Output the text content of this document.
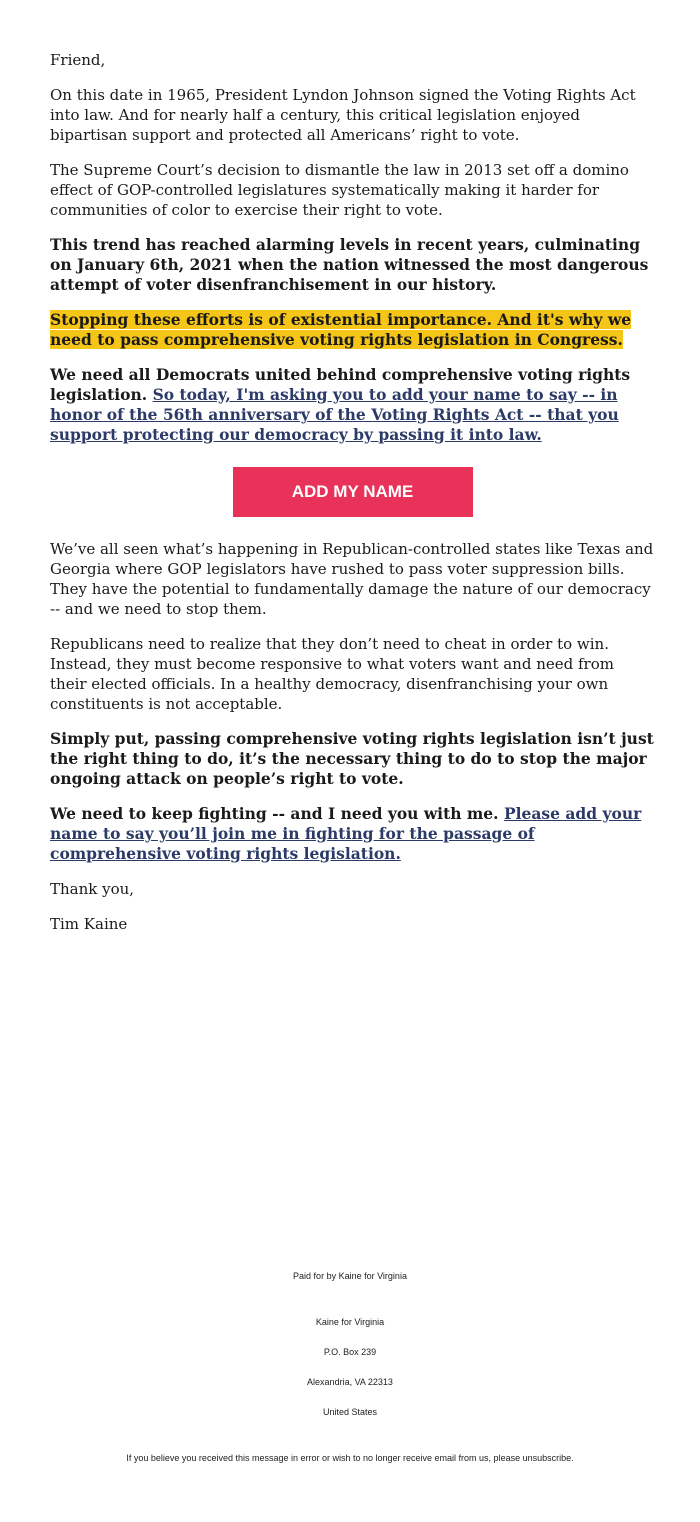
Friend,

On this date in 1965, President Lyndon Johnson signed the Voting Rights Act into law. And for nearly half a century, this critical legislation enjoyed bipartisan support and protected all Americans’ right to vote.

The Supreme Court’s decision to dismantle the law in 2013 set off a domino effect of GOP-controlled legislatures systematically making it harder for communities of color to exercise their right to vote.

This trend has reached alarming levels in recent years, culminating on January 6th, 2021 when the nation witnessed the most dangerous attempt of voter disenfranchisement in our history.

Stopping these efforts is of existential importance. And it's why we need to pass comprehensive voting rights legislation in Congress.

We need all Democrats united behind comprehensive voting rights legislation. So today, I'm asking you to add your name to say -- in honor of the 56th anniversary of the Voting Rights Act -- that you support protecting our democracy by passing it into law.

ADD MY NAME

We’ve all seen what’s happening in Republican-controlled states like Texas and Georgia where GOP legislators have rushed to pass voter suppression bills. They have the potential to fundamentally damage the nature of our democracy -- and we need to stop them.

Republicans need to realize that they don’t need to cheat in order to win. Instead, they must become responsive to what voters want and need from their elected officials. In a healthy democracy, disenfranchising your own constituents is not acceptable.

Simply put, passing comprehensive voting rights legislation isn’t just the right thing to do, it’s the necessary thing to do to stop the major ongoing attack on people’s right to vote.

We need to keep fighting -- and I need you with me. Please add your name to say you’ll join me in fighting for the passage of comprehensive voting rights legislation.

Thank you,

Tim Kaine

Paid for by Kaine for Virginia
Kaine for Virginia
P.O. Box 239
Alexandria, VA 22313
United States
If you believe you received this message in error or wish to no longer receive email from us, please unsubscribe.
